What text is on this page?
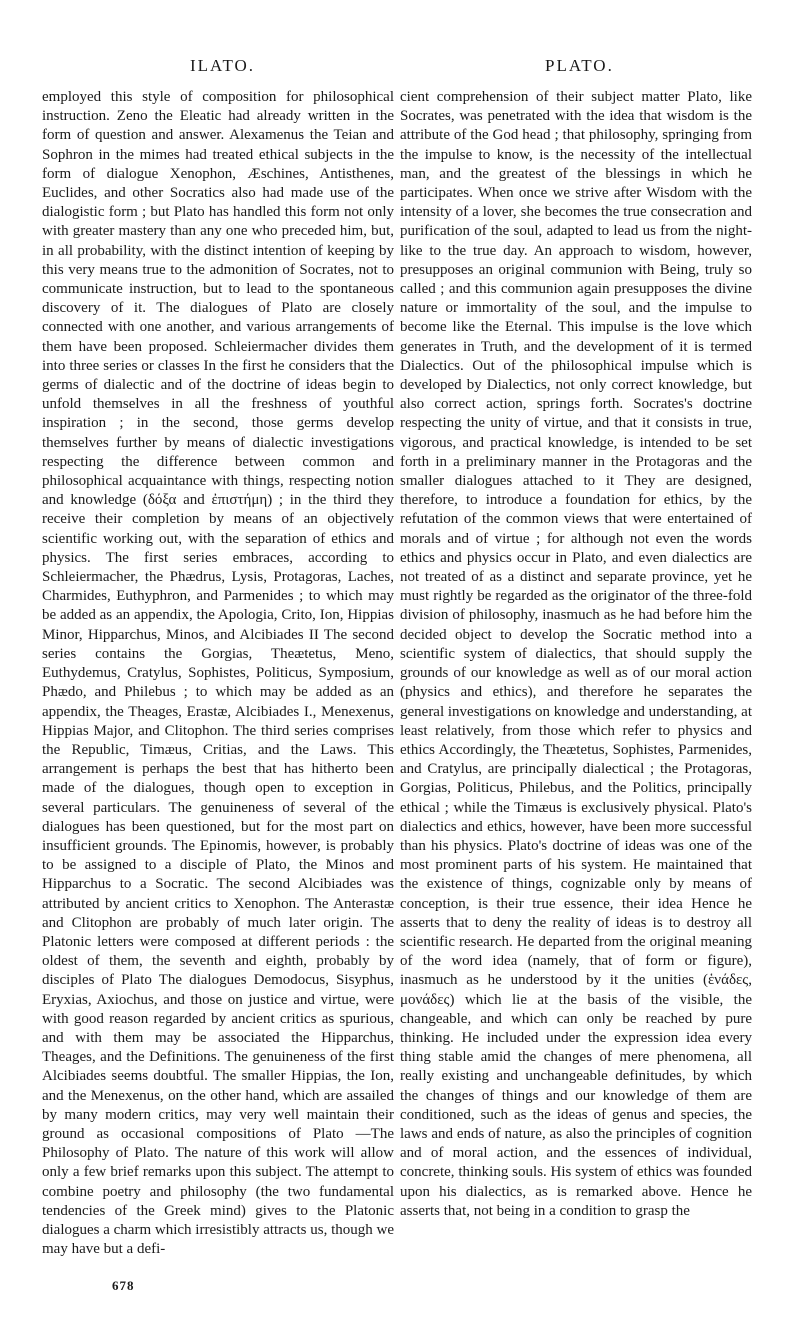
ILATO.	PLATO.

employed this style of composition for philosophical instruction. Zeno the Eleatic had already written in the form of question and answer. Alexamenus the Teian and Sophron in the mimes had treated ethical subjects in the form of dialogue Xenophon, Æschines, Antisthenes, Euclides, and other Socratics also had made use of the dialogistic form ; but Plato has handled this form not only with greater mastery than any one who preceded him, but, in all probability, with the distinct intention of keeping by this very means true to the admonition of Socrates, not to communicate instruction, but to lead to the spontaneous discovery of it. The dialogues of Plato are closely connected with one another, and various arrangements of them have been proposed. Schleiermacher divides them into three series or classes In the first he considers that the germs of dialectic and of the doctrine of ideas begin to unfold themselves in all the freshness of youthful inspiration ; in the second, those germs develop themselves further by means of dialectic investigations respecting the difference between common and philosophical acquaintance with things, respecting notion and knowledge (δόξα and ἐπιστήμη) ; in the third they receive their completion by means of an objectively scientific working out, with the separation of ethics and physics. The first series embraces, according to Schleiermacher, the Phædrus, Lysis, Protagoras, Laches, Charmides, Euthyphron, and Parmenides ; to which may be added as an appendix, the Apologia, Crito, Ion, Hippias Minor, Hipparchus, Minos, and Alcibiades II The second series contains the Gorgias, Theætetus, Meno, Euthydemus, Cratylus, Sophistes, Politicus, Symposium, Phædo, and Philebus ; to which may be added as an appendix, the Theages, Erastæ, Alcibiades I., Menexenus, Hippias Major, and Clitophon. The third series comprises the Republic, Timæus, Critias, and the Laws. This arrangement is perhaps the best that has hitherto been made of the dialogues, though open to exception in several particulars. The genuineness of several of the dialogues has been questioned, but for the most part on insufficient grounds. The Epinomis, however, is probably to be assigned to a disciple of Plato, the Minos and Hipparchus to a Socratic. The second Alcibiades was attributed by ancient critics to Xenophon. The Anterastæ and Clitophon are probably of much later origin. The Platonic letters were composed at different periods : the oldest of them, the seventh and eighth, probably by disciples of Plato The dialogues Demodocus, Sisyphus, Eryxias, Axiochus, and those on justice and virtue, were with good reason regarded by ancient critics as spurious, and with them may be associated the Hipparchus, Theages, and the Definitions. The genuineness of the first Alcibiades seems doubtful. The smaller Hippias, the Ion, and the Menexenus, on the other hand, which are assailed by many modern critics, may very well maintain their ground as occasional compositions of Plato —The Philosophy of Plato. The nature of this work will allow only a few brief remarks upon this subject. The attempt to combine poetry and philosophy (the two fundamental tendencies of the Greek mind) gives to the Platonic dialogues a charm which irresistibly attracts us, though we may have but a defi-

cient comprehension of their subject matter Plato, like Socrates, was penetrated with the idea that wisdom is the attribute of the God head ; that philosophy, springing from the impulse to know, is the necessity of the intellectual man, and the greatest of the blessings in which he participates. When once we strive after Wisdom with the intensity of a lover, she becomes the true consecration and purification of the soul, adapted to lead us from the night-like to the true day. An approach to wisdom, however, presupposes an original communion with Being, truly so called ; and this communion again presupposes the divine nature or immortality of the soul, and the impulse to become like the Eternal. This impulse is the love which generates in Truth, and the development of it is termed Dialectics. Out of the philosophical impulse which is developed by Dialectics, not only correct knowledge, but also correct action, springs forth. Socrates's doctrine respecting the unity of virtue, and that it consists in true, vigorous, and practical knowledge, is intended to be set forth in a preliminary manner in the Protagoras and the smaller dialogues attached to it They are designed, therefore, to introduce a foundation for ethics, by the refutation of the common views that were entertained of morals and of virtue ; for although not even the words ethics and physics occur in Plato, and even dialectics are not treated of as a distinct and separate province, yet he must rightly be regarded as the originator of the three-fold division of philosophy, inasmuch as he had before him the decided object to develop the Socratic method into a scientific system of dialectics, that should supply the grounds of our knowledge as well as of our moral action (physics and ethics), and therefore he separates the general investigations on knowledge and understanding, at least relatively, from those which refer to physics and ethics Accordingly, the Theætetus, Sophistes, Parmenides, and Cratylus, are principally dialectical ; the Protagoras, Gorgias, Politicus, Philebus, and the Politics, principally ethical ; while the Timæus is exclusively physical. Plato's dialectics and ethics, however, have been more successful than his physics. Plato's doctrine of ideas was one of the most prominent parts of his system. He maintained that the existence of things, cognizable only by means of conception, is their true essence, their idea Hence he asserts that to deny the reality of ideas is to destroy all scientific research. He departed from the original meaning of the word idea (namely, that of form or figure), inasmuch as he understood by it the unities (ἑνάδες, μονάδες) which lie at the basis of the visible, the changeable, and which can only be reached by pure thinking. He included under the expression idea every thing stable amid the changes of mere phenomena, all really existing and unchangeable definitudes, by which the changes of things and our knowledge of them are conditioned, such as the ideas of genus and species, the laws and ends of nature, as also the principles of cognition and of moral action, and the essences of individual, concrete, thinking souls. His system of ethics was founded upon his dialectics, as is remarked above. Hence he asserts that, not being in a condition to grasp the

678
